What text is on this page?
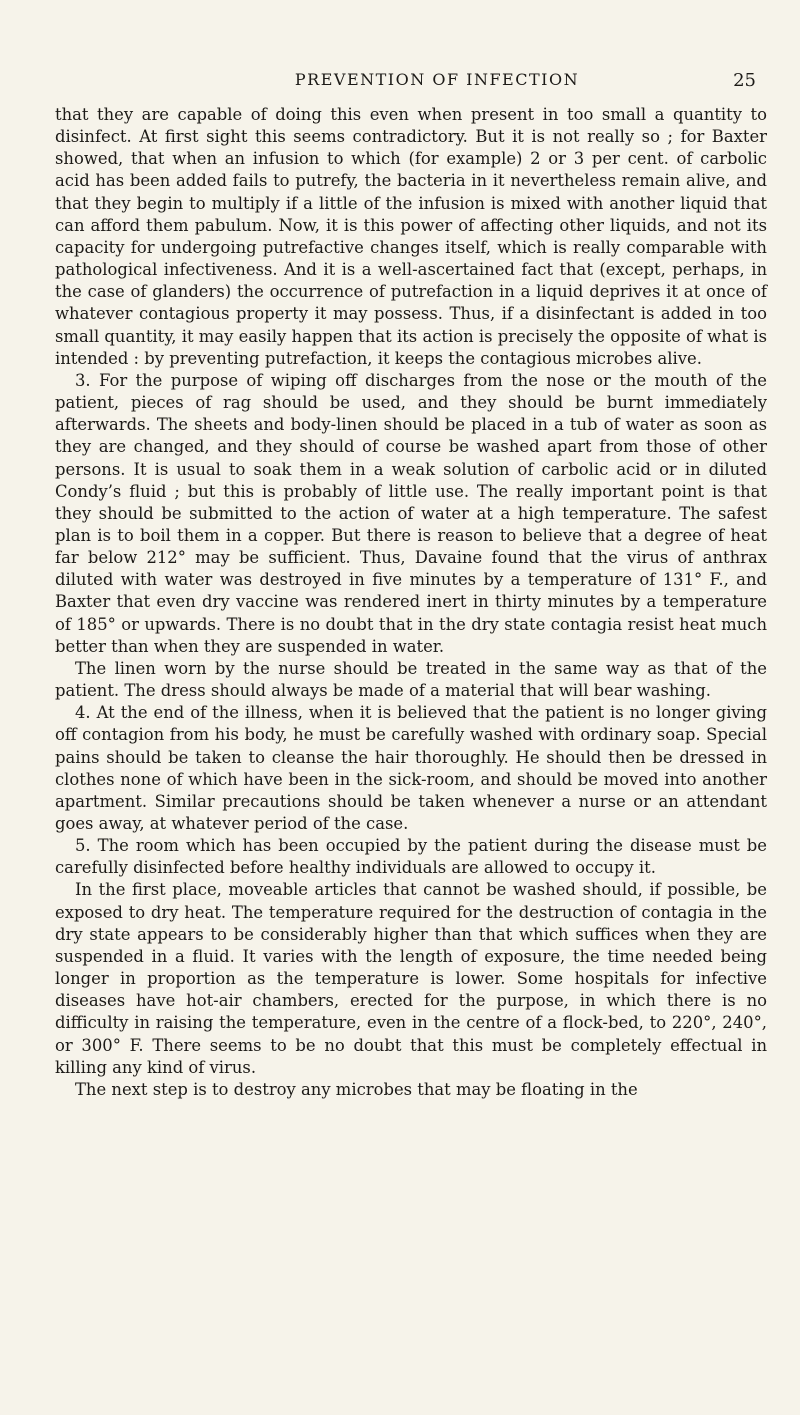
PREVENTION OF INFECTION	25

that they are capable of doing this even when present in too small a quantity to disinfect. At first sight this seems contradictory. But it is not really so ; for Baxter showed, that when an infusion to which (for example) 2 or 3 per cent. of carbolic acid has been added fails to putrefy, the bacteria in it nevertheless remain alive, and that they begin to multiply if a little of the infusion is mixed with another liquid that can afford them pabulum. Now, it is this power of affecting other liquids, and not its capacity for undergoing putrefactive changes itself, which is really comparable with pathological infectiveness. And it is a well-ascertained fact that (except, perhaps, in the case of glanders) the occurrence of putrefaction in a liquid deprives it at once of whatever contagious property it may possess. Thus, if a disinfectant is added in too small quantity, it may easily happen that its action is precisely the opposite of what is intended : by preventing putrefaction, it keeps the contagious microbes alive.

3. For the purpose of wiping off discharges from the nose or the mouth of the patient, pieces of rag should be used, and they should be burnt immediately afterwards. The sheets and body-linen should be placed in a tub of water as soon as they are changed, and they should of course be washed apart from those of other persons. It is usual to soak them in a weak solution of carbolic acid or in diluted Condy’s fluid ; but this is probably of little use. The really important point is that they should be submitted to the action of water at a high temperature. The safest plan is to boil them in a copper. But there is reason to believe that a degree of heat far below 212° may be sufficient. Thus, Davaine found that the virus of anthrax diluted with water was destroyed in five minutes by a temperature of 131° F., and Baxter that even dry vaccine was rendered inert in thirty minutes by a temperature of 185° or upwards. There is no doubt that in the dry state contagia resist heat much better than when they are suspended in water.

The linen worn by the nurse should be treated in the same way as that of the patient. The dress should always be made of a material that will bear washing.

4. At the end of the illness, when it is believed that the patient is no longer giving off contagion from his body, he must be carefully washed with ordinary soap. Special pains should be taken to cleanse the hair thoroughly. He should then be dressed in clothes none of which have been in the sick-room, and should be moved into another apartment. Similar precautions should be taken whenever a nurse or an attendant goes away, at whatever period of the case.

5. The room which has been occupied by the patient during the disease must be carefully disinfected before healthy individuals are allowed to occupy it.

In the first place, moveable articles that cannot be washed should, if possible, be exposed to dry heat. The temperature required for the destruction of contagia in the dry state appears to be considerably higher than that which suffices when they are suspended in a fluid. It varies with the length of exposure, the time needed being longer in proportion as the temperature is lower. Some hospitals for infective diseases have hot-air chambers, erected for the purpose, in which there is no difficulty in raising the temperature, even in the centre of a flock-bed, to 220°, 240°, or 300° F. There seems to be no doubt that this must be completely effectual in killing any kind of virus.

The next step is to destroy any microbes that may be floating in the
